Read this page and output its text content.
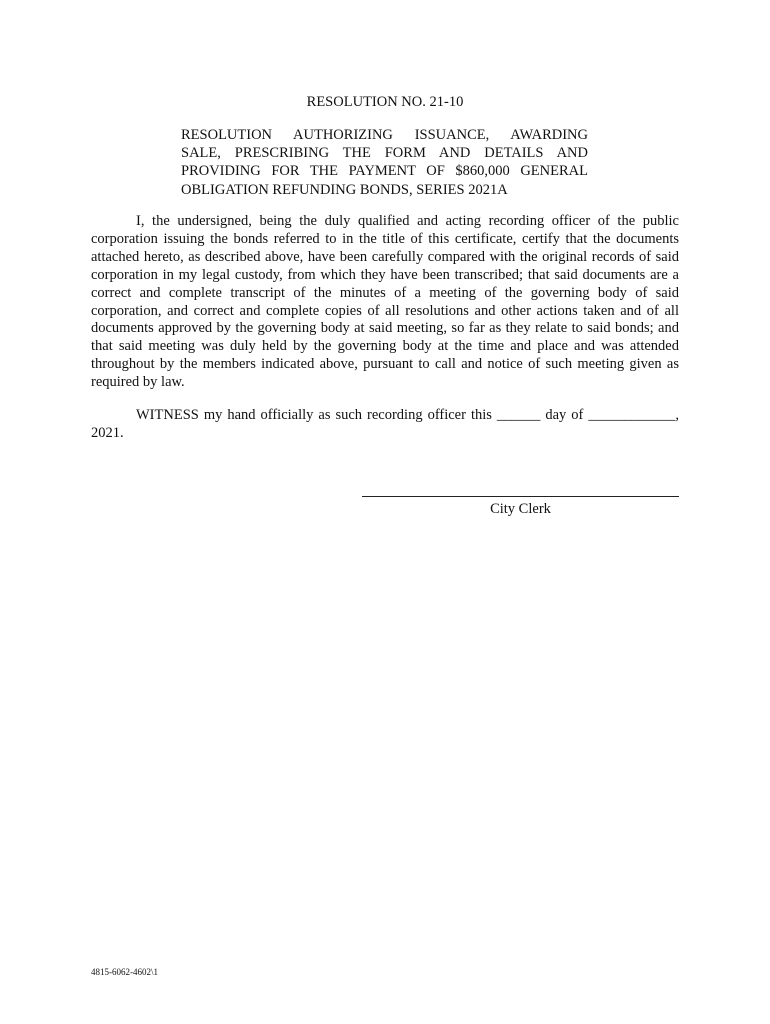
RESOLUTION NO. 21-10
RESOLUTION AUTHORIZING ISSUANCE, AWARDING
SALE, PRESCRIBING THE FORM AND DETAILS AND
PROVIDING FOR THE PAYMENT OF $860,000 GENERAL
OBLIGATION REFUNDING BONDS, SERIES 2021A

I, the undersigned, being the duly qualified and acting recording officer of the public corporation issuing the bonds referred to in the title of this certificate, certify that the documents attached hereto, as described above, have been carefully compared with the original records of said corporation in my legal custody, from which they have been transcribed; that said documents are a correct and complete transcript of the minutes of a meeting of the governing body of said corporation, and correct and complete copies of all resolutions and other actions taken and of all documents approved by the governing body at said meeting, so far as they relate to said bonds; and that said meeting was duly held by the governing body at the time and place and was attended throughout by the members indicated above, pursuant to call and notice of such meeting given as required by law.

WITNESS my hand officially as such recording officer this ______ day of ____________, 2021.

City Clerk
4815-6062-4602\1
